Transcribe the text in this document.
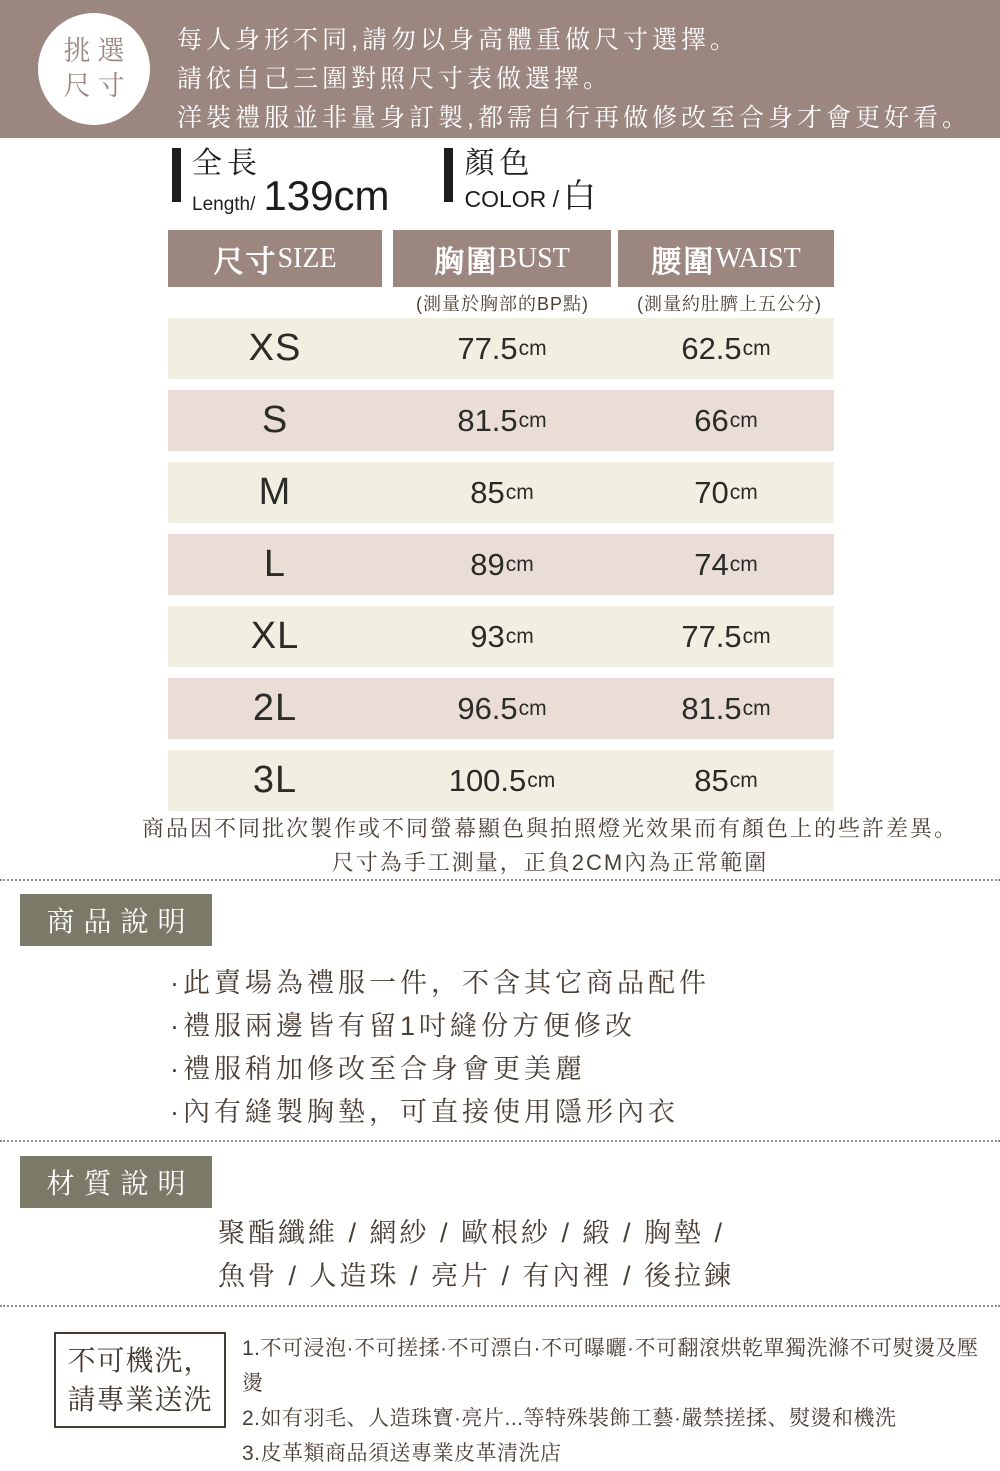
挑選
尺寸

每人身形不同,請勿以身高體重做尺寸選擇。

請依自己三圍對照尺寸表做選擇。

洋裝禮服並非量身訂製,都需自行再做修改至合身才會更好看。

全長
Length/ 139cm
顏色
COLOR / 白
尺寸 SIZE	胸圍 BUST	腰圍 WAIST
(測量於胸部的BP點)	(測量約肚臍上五公分)
XS	77.5 cm	62.5 cm
S	81.5 cm	66 cm
M	85 cm	70 cm
L	89 cm	74 cm
XL	93 cm	77.5 cm
2L	96.5 cm	81.5 cm
3L	100.5 cm	85 cm
商品因不同批次製作或不同螢幕顯色與拍照燈光效果而有顏色上的些許差異。
尺寸為手工測量，正負2CM內為正常範圍
商品說明

·此賣場為禮服一件，不含其它商品配件

·禮服兩邊皆有留1吋縫份方便修改

·禮服稍加修改至合身會更美麗

·內有縫製胸墊，可直接使用隱形內衣

材質說明

聚酯纖維 / 網紗 / 歐根紗 / 緞 / 胸墊 /

魚骨 / 人造珠 / 亮片 / 有內裡 / 後拉鍊

不可機洗，
請專業送洗

1.不可浸泡·不可搓揉·不可漂白·不可曝曬·不可翻滾烘乾單獨洗滌不可熨燙及壓燙

2.如有羽毛、人造珠寶·亮片...等特殊裝飾工藝·嚴禁搓揉、熨燙和機洗

3.皮革類商品須送專業皮革清洗店
